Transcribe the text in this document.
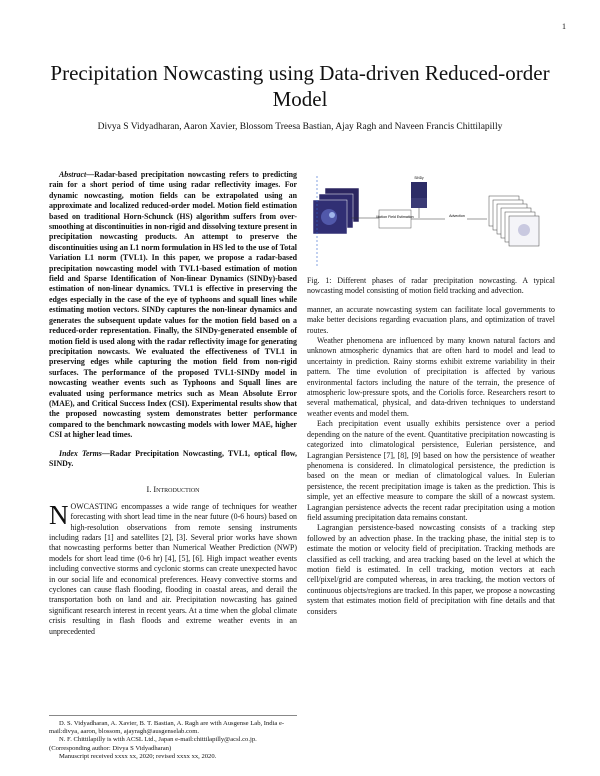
1
Precipitation Nowcasting using Data-driven Reduced-order Model
Divya S Vidyadharan, Aaron Xavier, Blossom Treesa Bastian, Ajay Ragh and Naveen Francis Chittilapilly

Abstract—Radar-based precipitation nowcasting refers to predicting rain for a short period of time using radar reflectivity images. For dynamic nowcasting, motion fields can be extrapolated using an approximate and localized reduced-order model. Motion field estimation based on traditional Horn-Schunck (HS) algorithm suffers from over-smoothing at discontinuities in non-rigid and dissolving texture present in precipitation nowcasting products. An attempt to preserve the discontinuities using an L1 norm formulation in HS led to the use of Total Variation L1 norm (TVL1). In this paper, we propose a radar-based precipitation nowcasting model with TVL1-based estimation of motion field and Sparse Identification of Non-linear Dynamics (SINDy)-based estimation of non-linear dynamics. TVL1 is effective in preserving the edges especially in the case of the eye of typhoons and squall lines while estimating motion vectors. SINDy captures the non-linear dynamics and generates the subsequent update values for the motion field based on a reduced-order representation. Finally, the SINDy-generated ensemble of motion field is used along with the radar reflectivity image for generating precipitation nowcasts. We evaluated the effectiveness of TVL1 in preserving edges while capturing the motion field from non-rigid surfaces. The performance of the proposed TVL1-SINDy model in nowcasting weather events such as Typhoons and Squall lines are evaluated using performance metrics such as Mean Absolute Error (MAE), and Critical Success Index (CSI). Experimental results show that the proposed nowcasting system demonstrates better performance compared to the benchmark nowcasting models with lower MAE, higher CSI at higher lead times.

Index Terms—Radar Precipitation Nowcasting, TVL1, optical flow, SINDy.

I. Introduction

NOWCASTING encompasses a wide range of techniques for weather forecasting with short lead time in the near future (0-6 hours) based on high-resolution observations from remote sensing instruments including radars [1] and satellites [2], [3]. Several prior works have shown that nowcasting performs better than Numerical Weather Prediction (NWP) models for short lead time (0-6 hr) [4], [5], [6]. High impact weather events including convective storms and cyclonic storms can create unexpected havoc in our social life and economical preferences. Heavy convective storms and cyclones can cause flash flooding, flooding in coastal areas, and derail the transportation both on land and air. Precipitation nowcasting has gained significant research interest in recent years. At a time when the global climate crisis resulting in flash floods and extreme weather events in an unprecedented

Motion Field Estimation
SINDy
Advection

Fig. 1: Different phases of radar precipitation nowcasting. A typical nowcasting model consisting of motion field tracking and advection.

manner, an accurate nowcasting system can facilitate local governments to make better decisions regarding evacuation plans, and optimization of travel routes.

Weather phenomena are influenced by many known natural factors and unknown atmospheric dynamics that are often hard to model and lead to uncertainty in prediction. Rainy storms exhibit extreme variability in their pattern. The time evolution of precipitation is affected by various environmental factors including the nature of the terrain, the presence of atmospheric low-pressure spots, and the Coriolis force. Researchers resort to several mathematical, physical, and data-driven techniques to understand weather events and model them.

Each precipitation event usually exhibits persistence over a period depending on the nature of the event. Quantitative precipitation nowcasting is categorized into climatological persistence, Eulerian persistence, and Lagrangian Persistence [7], [8], [9] based on how the persistence of weather phenomena is considered. In climatological persistence, the prediction is based on the mean or median of climatological values. In Eulerian persistence, the recent precipitation image is taken as the prediction. This is simple, yet an effective measure to compare the skill of a nowcast system. Lagrangian persistence advects the recent radar precipitation using a motion field assuming precipitation data remains constant.

Lagrangian persistence-based nowcasting consists of a tracking step followed by an advection phase. In the tracking phase, the initial step is to estimate the motion or velocity field of precipitation. Tracking methods are classified as cell tracking, and area tracking based on the level at which the motion field is estimated. In cell tracking, motion vectors at each cell/pixel/grid are computed whereas, in area tracking, the motion vectors of continuous objects/regions are tracked. In this paper, we propose a nowcasting system that estimates motion field of precipitation with fine details and that considers

D. S. Vidyadharan, A. Xavier, B. T. Bastian, A. Ragh are with Ausgense Lab, India e-mail:divya, aaron, blossom, ajayragh@ausgenselab.com.
N. F. Chittilapilly is with ACSL Ltd., Japan e-mail:chittilapilly@acsl.co.jp.
(Corresponding author: Divya S Vidyadharan)
Manuscript received xxxx xx, 2020; revised xxxx xx, 2020.
